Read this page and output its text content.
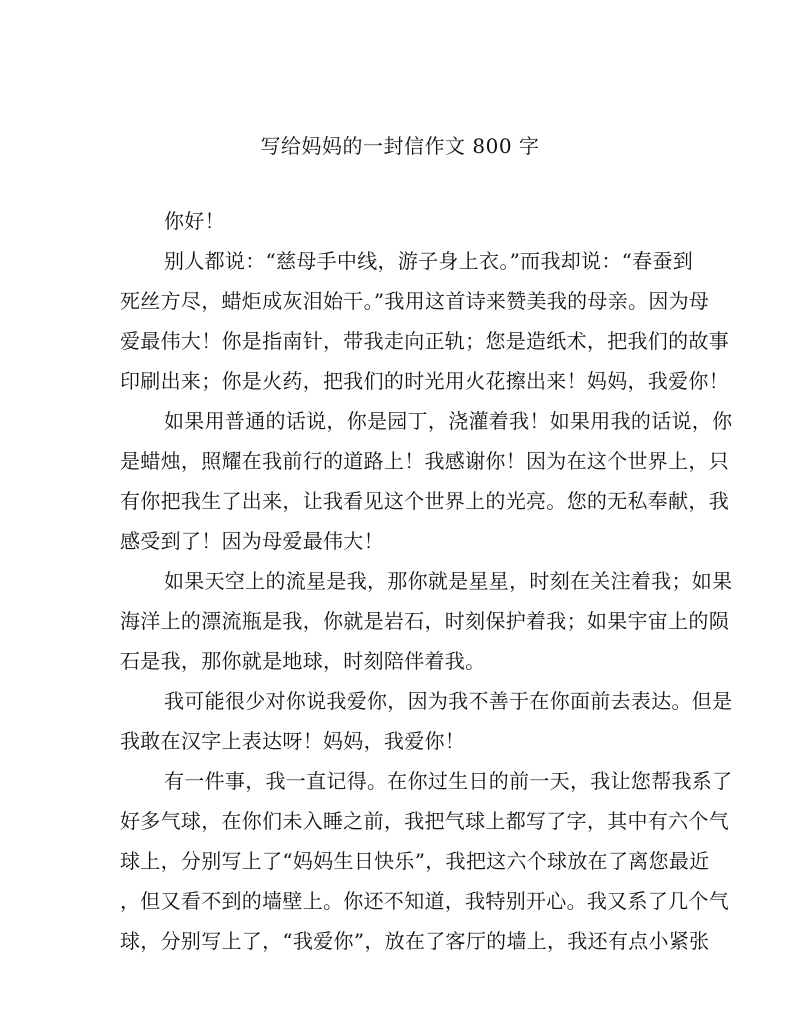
写给妈妈的一封信作文 800 字
你好！
别人都说：“慈母手中线，游子身上衣。”而我却说：“春蚕到
死丝方尽，蜡炬成灰泪始干。”我用这首诗来赞美我的母亲。因为母
爱最伟大！你是指南针，带我走向正轨；您是造纸术，把我们的故事
印刷出来；你是火药，把我们的时光用火花擦出来！妈妈，我爱你！
如果用普通的话说，你是园丁，浇灌着我！如果用我的话说，你
是蜡烛，照耀在我前行的道路上！我感谢你！因为在这个世界上，只
有你把我生了出来，让我看见这个世界上的光亮。您的无私奉献，我
感受到了！因为母爱最伟大！
如果天空上的流星是我，那你就是星星，时刻在关注着我；如果
海洋上的漂流瓶是我，你就是岩石，时刻保护着我；如果宇宙上的陨
石是我，那你就是地球，时刻陪伴着我。
我可能很少对你说我爱你，因为我不善于在你面前去表达。但是
我敢在汉字上表达呀！妈妈，我爱你！
有一件事，我一直记得。在你过生日的前一天，我让您帮我系了
好多气球，在你们未入睡之前，我把气球上都写了字，其中有六个气
球上，分别写上了“妈妈生日快乐”，我把这六个球放在了离您最近
，但又看不到的墙壁上。你还不知道，我特别开心。我又系了几个气
球，分别写上了，“我爱你”，放在了客厅的墙上，我还有点小紧张
